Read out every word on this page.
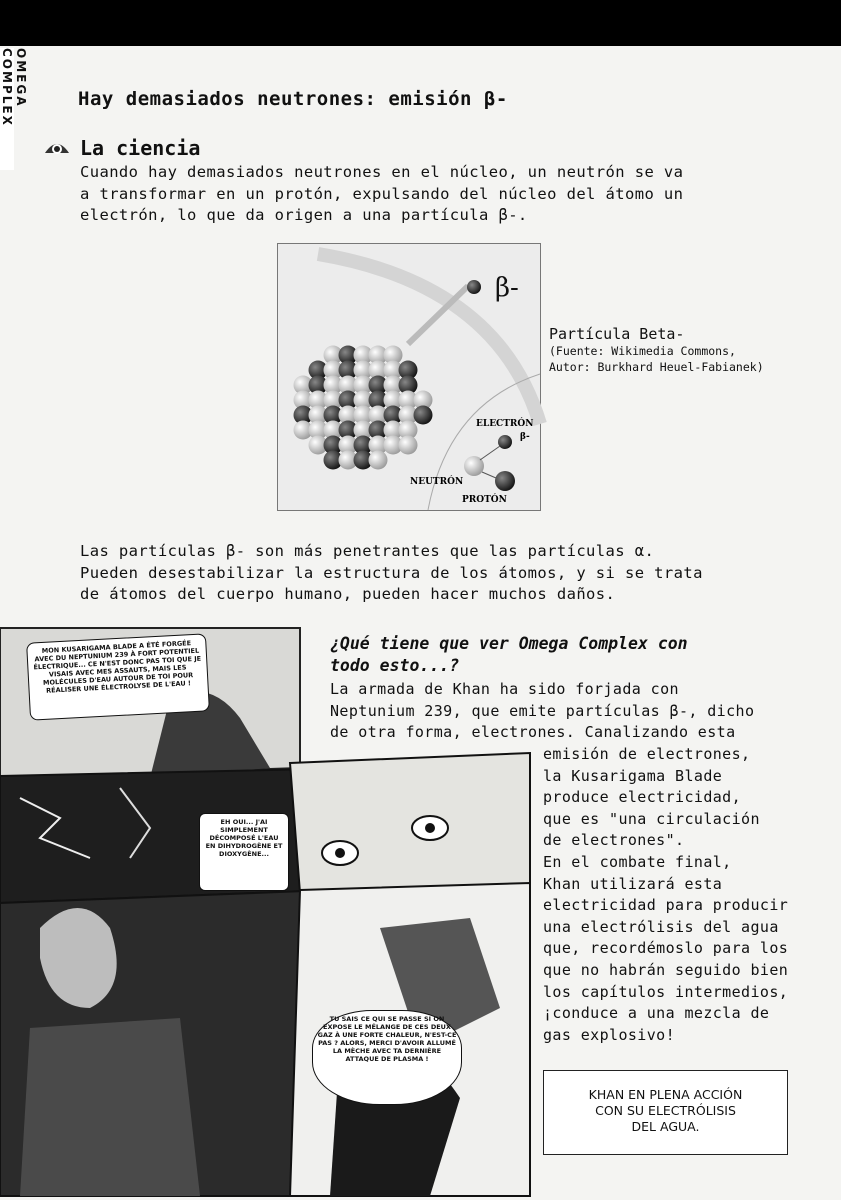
OMEGA COMPLEX	Hay demasiados neutrones: emisión β-
La ciencia

Cuando hay demasiados neutrones en el núcleo, un neutrón se va
a transformar en un protón, expulsando del núcleo del átomo un
electrón, lo que da origen a una partícula β-.

β-
ELECTRÓN
β-
NEUTRÓN
PROTÓN
Partícula Beta-
(Fuente: Wikimedia Commons,
Autor: Burkhard Heuel-Fabianek)

Las partículas β- son más penetrantes que las partículas α.
Pueden desestabilizar la estructura de los átomos, y si se trata
de átomos del cuerpo humano, pueden hacer muchos daños.

MON KUSARIGAMA BLADE A ÉTÉ FORGÉE AVEC DU NEPTUNIUM 239 À FORT POTENTIEL ÉLECTRIQUE... CE N'EST DONC PAS TOI QUE JE VISAIS AVEC MES ASSAUTS, MAIS LES MOLÉCULES D'EAU AUTOUR DE TOI POUR RÉALISER UNE ÉLECTROLYSE DE L'EAU !
EH OUI... J'AI SIMPLEMENT DÉCOMPOSÉ L'EAU EN DIHYDROGÈNE ET DIOXYGÈNE...
TU SAIS CE QUI SE PASSE SI ON EXPOSE LE MÉLANGE DE CES DEUX GAZ À UNE FORTE CHALEUR, N'EST-CE PAS ? ALORS, MERCI D'AVOIR ALLUMÉ LA MÈCHE AVEC TA DERNIÈRE ATTAQUE DE PLASMA !
¿Qué tiene que ver Omega Complex con
todo esto...?

La armada de Khan ha sido forjada con
Neptunium 239, que emite partículas β-, dicho
de otra forma, electrones. Canalizando esta

emisión de electrones,
la Kusarigama Blade
produce electricidad,
que es "una circulación
de electrones".
En el combate final,
Khan utilizará esta
electricidad para producir
una electrólisis del agua
que, recordémoslo para los
que no habrán seguido bien
los capítulos intermedios,
¡conduce a una mezcla de
gas explosivo!

KHAN EN PLENA ACCIÓN
CON SU ELECTRÓLISIS
DEL AGUA.
